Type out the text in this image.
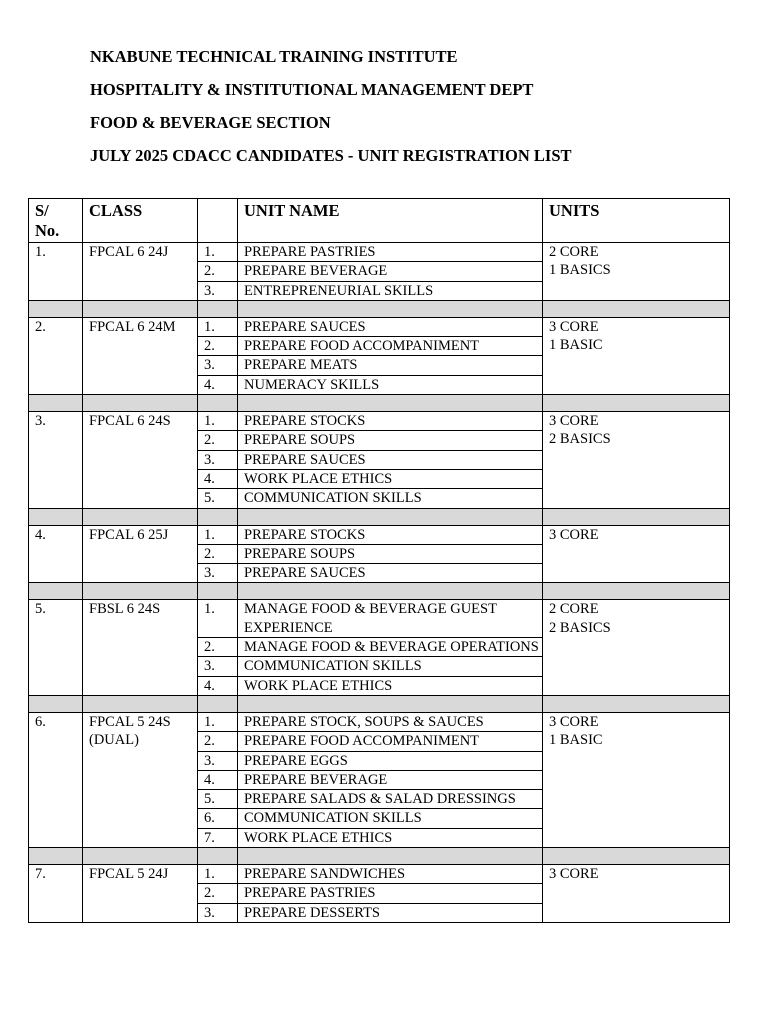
NKABUNE TECHNICAL TRAINING INSTITUTE
HOSPITALITY & INSTITUTIONAL MANAGEMENT DEPT
FOOD & BEVERAGE SECTION
JULY 2025 CDACC CANDIDATES - UNIT REGISTRATION LIST
S/ No.	CLASS		UNIT NAME	UNITS
1.	FPCAL 6 24J	1.	PREPARE PASTRIES	2 CORE
1 BASICS

		2.	PREPARE BEVERAGE	
		3.	ENTREPRENEURIAL SKILLS	

2.	FPCAL 6 24M	1.	PREPARE SAUCES	3 CORE
1 BASIC

		2.	PREPARE FOOD ACCOMPANIMENT	
		3.	PREPARE MEATS	
		4.	NUMERACY SKILLS	

3.	FPCAL 6 24S	1.	PREPARE STOCKS	3 CORE
2 BASICS

		2.	PREPARE SOUPS	
		3.	PREPARE SAUCES	
		4.	WORK PLACE ETHICS	
		5.	COMMUNICATION SKILLS	

4.	FPCAL 6 25J	1.	PREPARE STOCKS	3 CORE

		2.	PREPARE SOUPS	
		3.	PREPARE SAUCES	

5.	FBSL 6 24S	1.	MANAGE FOOD & BEVERAGE GUEST EXPERIENCE	2 CORE
2 BASICS

		2.	MANAGE FOOD & BEVERAGE OPERATIONS	
		3.	COMMUNICATION SKILLS	
		4.	WORK PLACE ETHICS	

6.	FPCAL 5 24S (DUAL)	1.	PREPARE STOCK, SOUPS & SAUCES	3 CORE
1 BASIC

		2.	PREPARE FOOD ACCOMPANIMENT	
		3.	PREPARE EGGS	
		4.	PREPARE BEVERAGE	
		5.	PREPARE SALADS & SALAD DRESSINGS	
		6.	COMMUNICATION SKILLS	
		7.	WORK PLACE ETHICS	

7.	FPCAL 5 24J	1.	PREPARE SANDWICHES	3 CORE

		2.	PREPARE PASTRIES	
		3.	PREPARE DESSERTS	
